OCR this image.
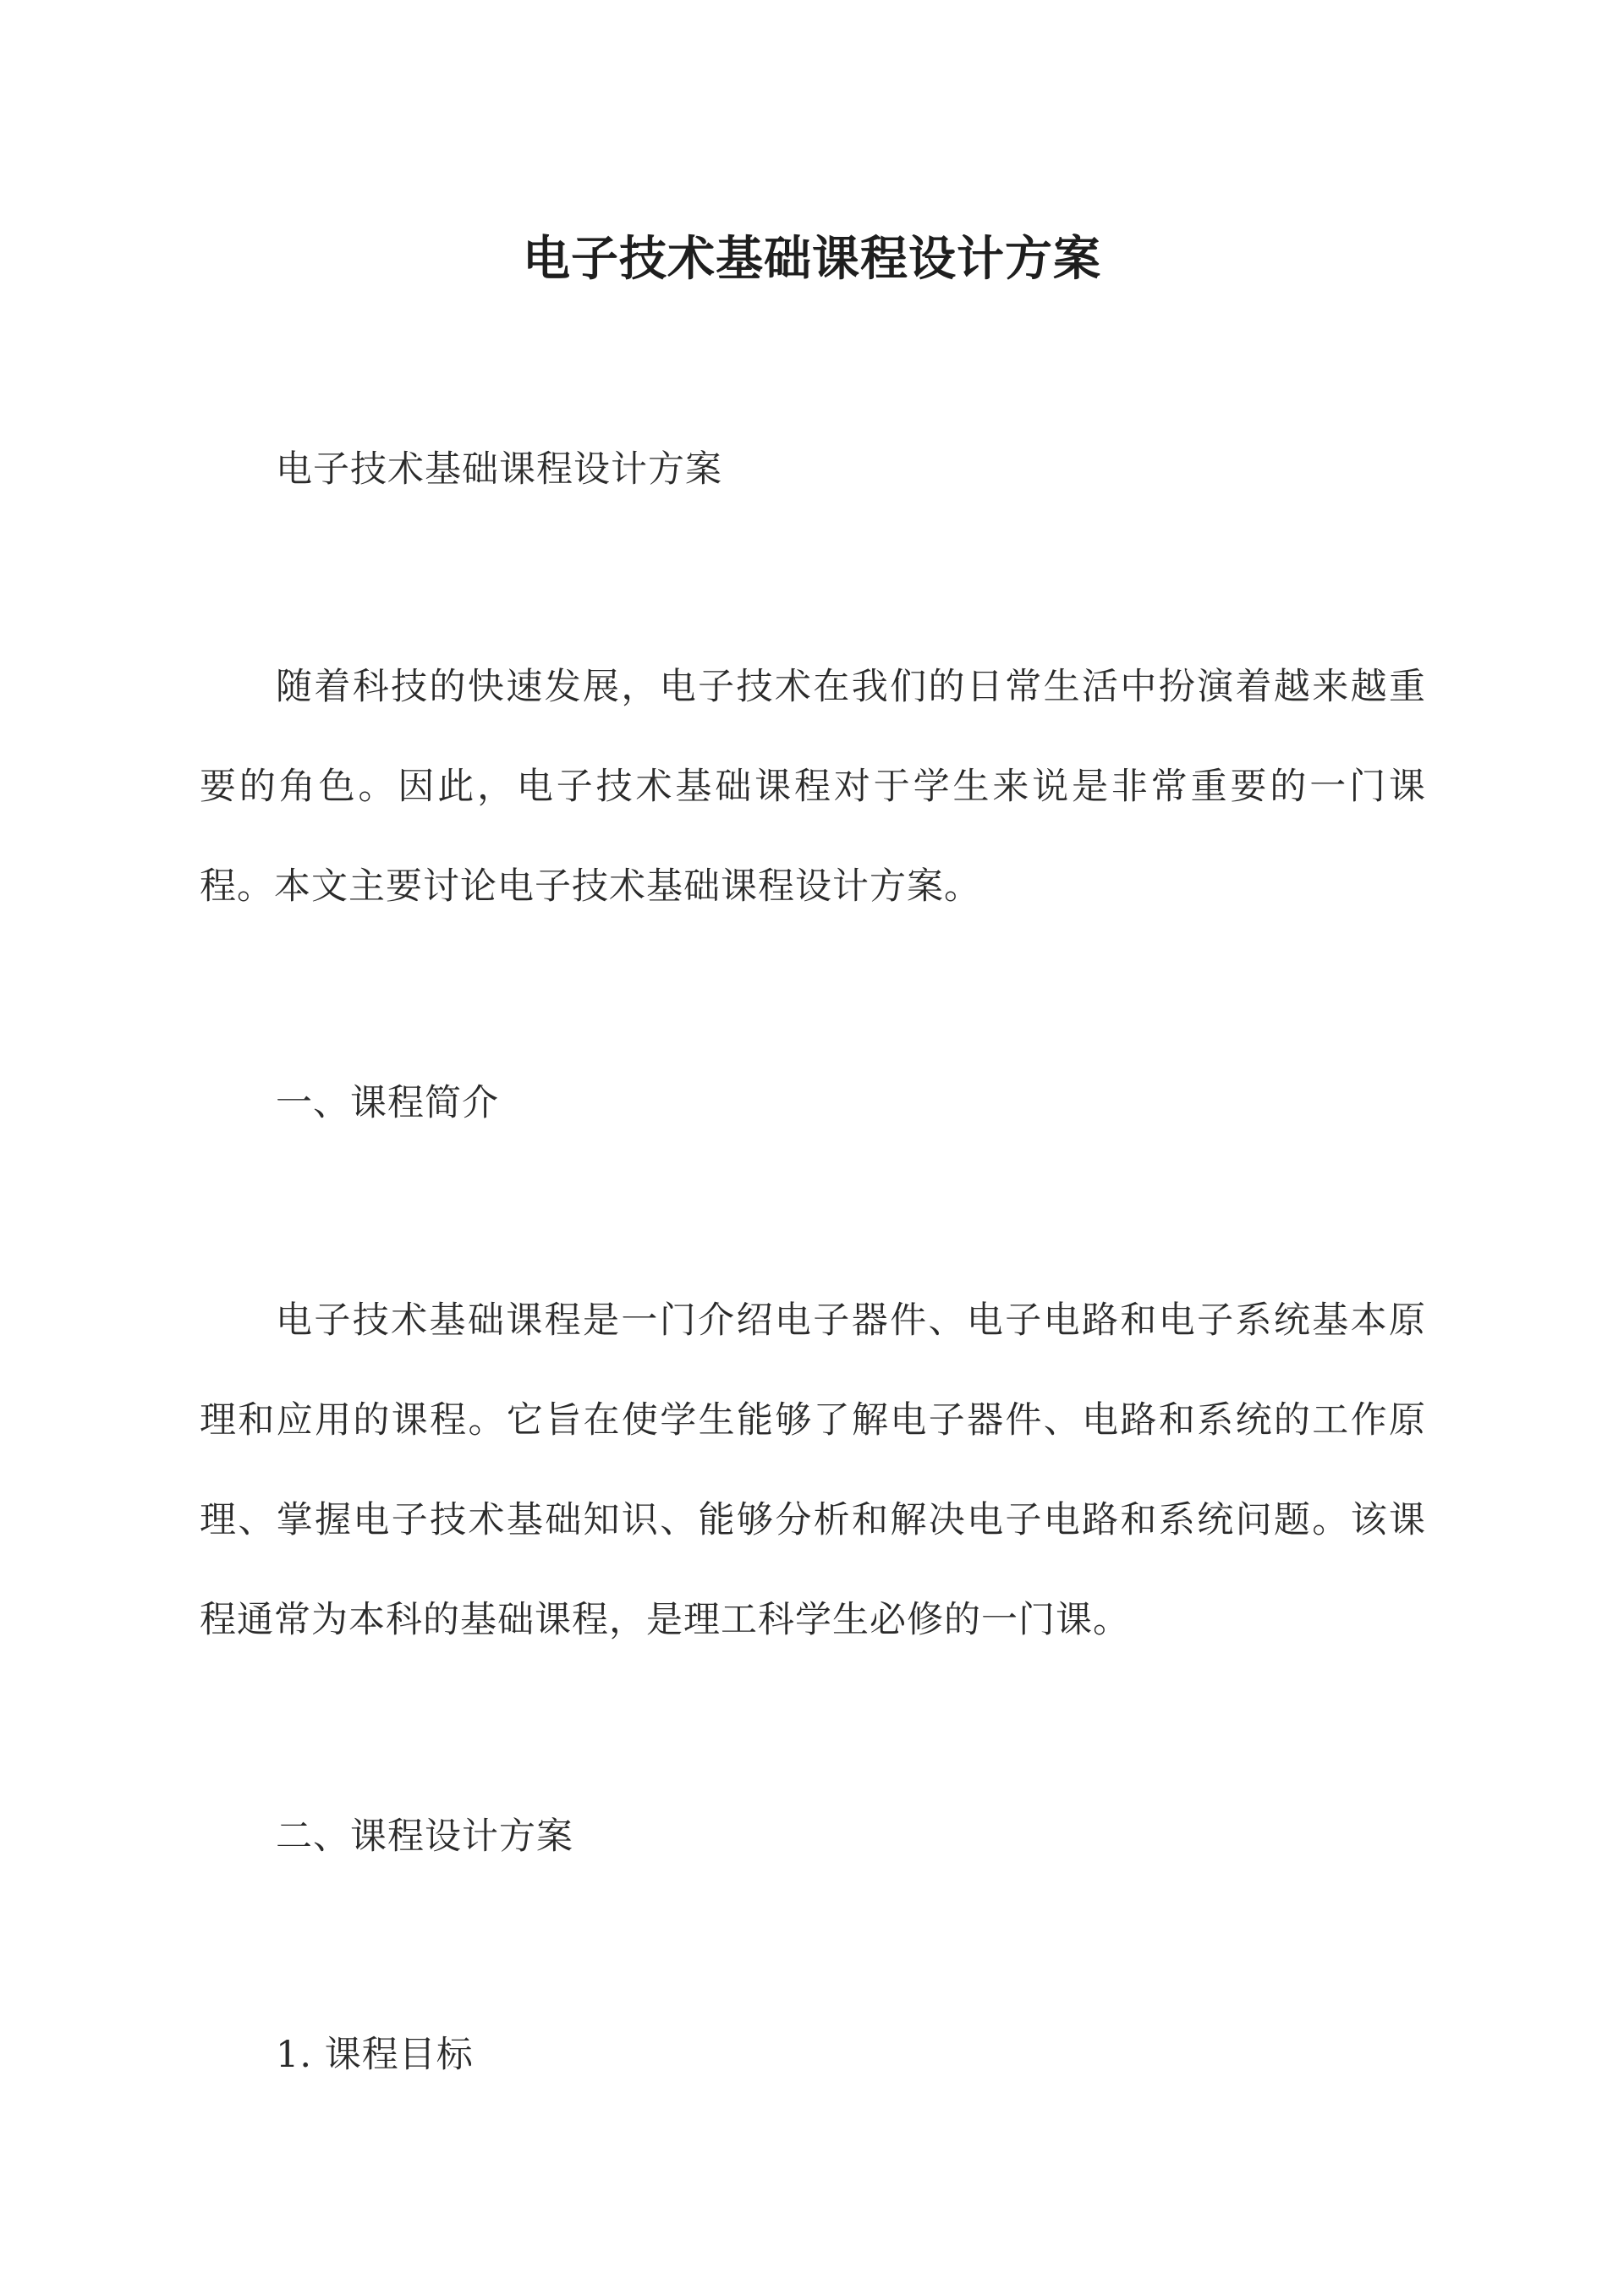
电子技术基础课程设计方案

电子技术基础课程设计方案

随着科技的快速发展，电子技术在我们的日常生活中扮演着越来越重要的角色。因此，电子技术基础课程对于学生来说是非常重要的一门课程。本文主要讨论电子技术基础课程设计方案。

一、课程简介

电子技术基础课程是一门介绍电子器件、电子电路和电子系统基本原理和应用的课程。它旨在使学生能够了解电子器件、电路和系统的工作原理、掌握电子技术基础知识、能够分析和解决电子电路和系统问题。该课程通常为本科的基础课程，是理工科学生必修的一门课。

二、课程设计方案

1. 课程目标
